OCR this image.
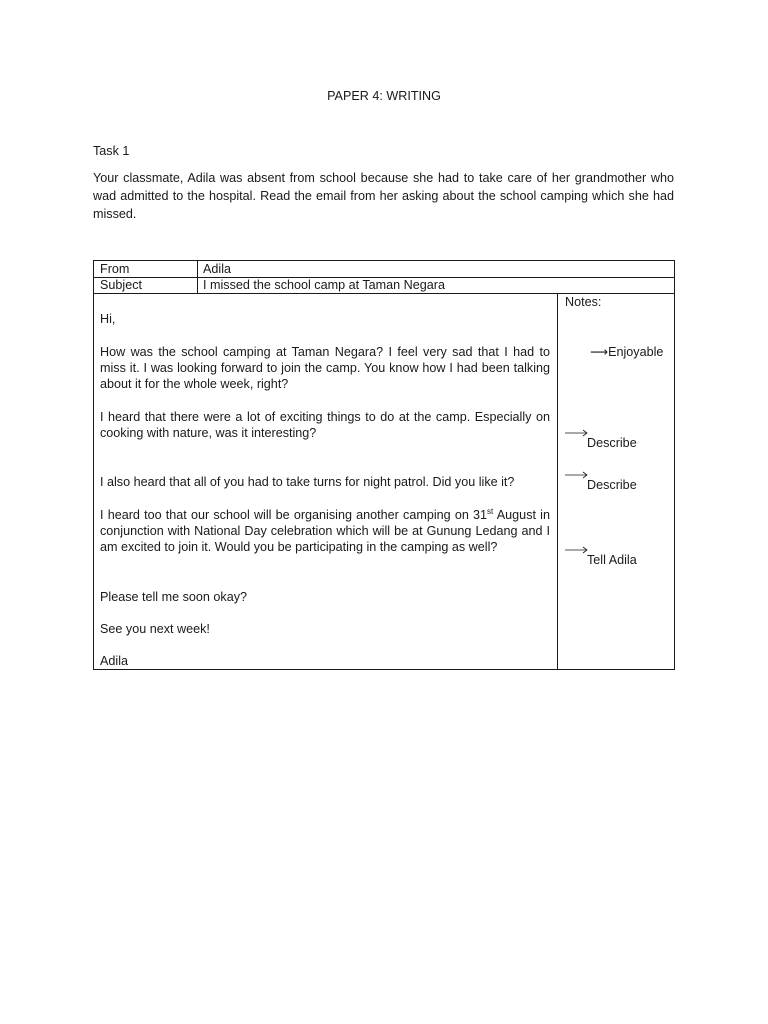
PAPER 4: WRITING
Task 1
Your classmate, Adila was absent from school because she had to take care of her grandmother who wad admitted to the hospital. Read the email from her asking about the school camping which she had missed.
From	Adila
Subject	I missed the school camp at Taman Negara

Hi,

How was the school camping at Taman Negara? I feel very sad that I had to miss it. I was looking forward to join the camp. You know how I had been talking about it for the whole week, right?

I heard that there were a lot of exciting things to do at the camp. Especially on cooking with nature, was it interesting?

I also heard that all of you had to take turns for night patrol. Did you like it?

I heard too that our school will be organising another camping on 31st August in conjunction with National Day celebration which will be at Gunung Ledang and I am excited to join it. Would you be participating in the camping as well?

Please tell me soon okay?

See you next week!

Adila

Notes:
⟶Enjoyable
Describe
Describe
Tell Adila
